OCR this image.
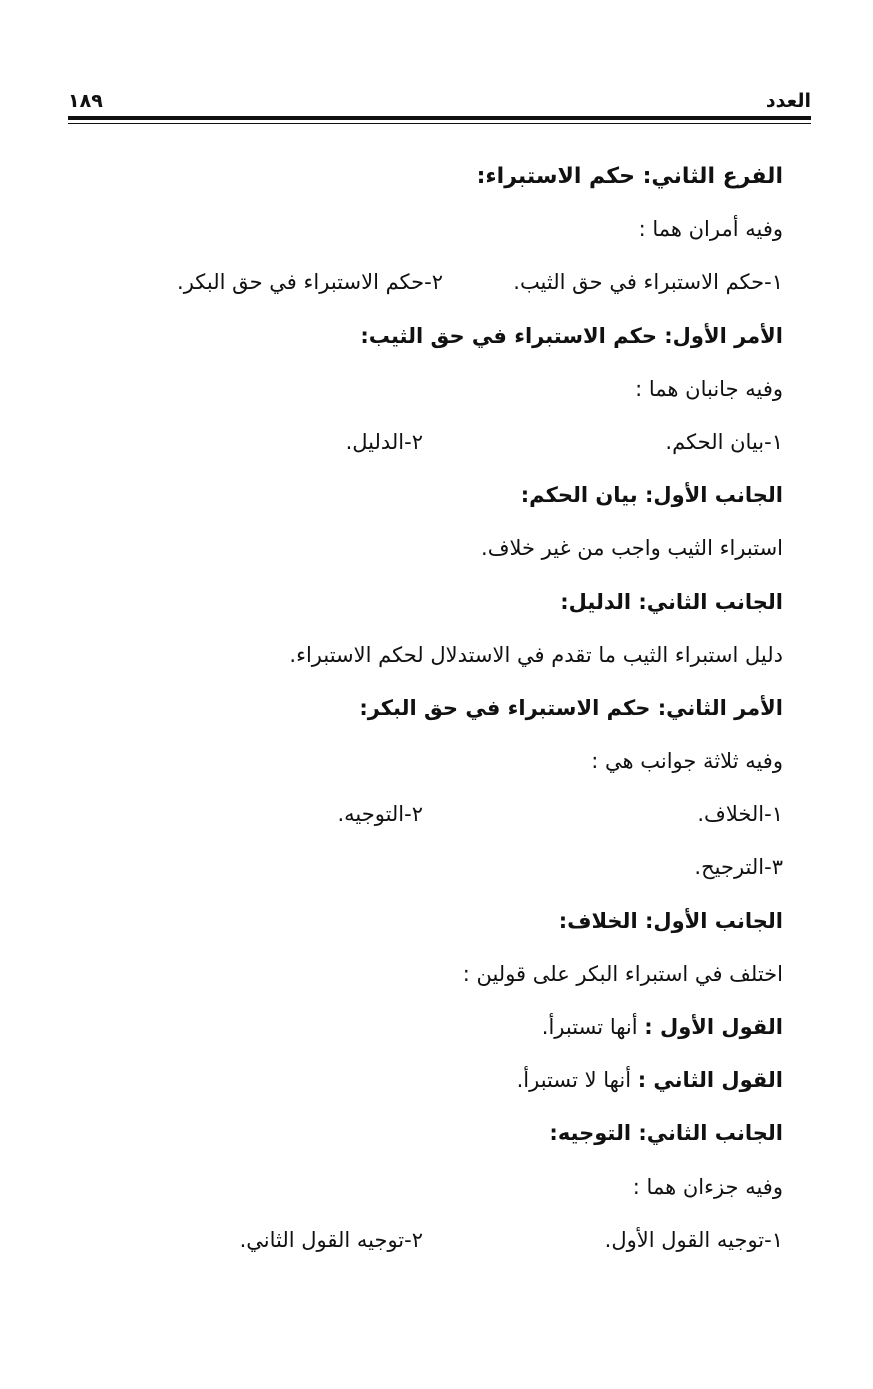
العدد
١٨٩
الفرع الثاني: حكم الاستبراء:
وفيه أمران هما :
١-حكم الاستبراء في حق الثيب.
٢-حكم الاستبراء في حق البكر.
الأمر الأول: حكم الاستبراء في حق الثيب:
وفيه جانبان هما :
١-بيان الحكم.
٢-الدليل.
الجانب الأول: بيان الحكم:
استبراء الثيب واجب من غير خلاف.
الجانب الثاني: الدليل:
دليل استبراء الثيب ما تقدم في الاستدلال لحكم الاستبراء.
الأمر الثاني: حكم الاستبراء في حق البكر:
وفيه ثلاثة جوانب هي :
١-الخلاف.
٢-التوجيه.
٣-الترجيح.
الجانب الأول: الخلاف:
اختلف في استبراء البكر على قولين :
القول الأول : أنها تستبرأ.
القول الثاني : أنها لا تستبرأ.
الجانب الثاني: التوجيه:
وفيه جزءان هما :
١-توجيه القول الأول.
٢-توجيه القول الثاني.
